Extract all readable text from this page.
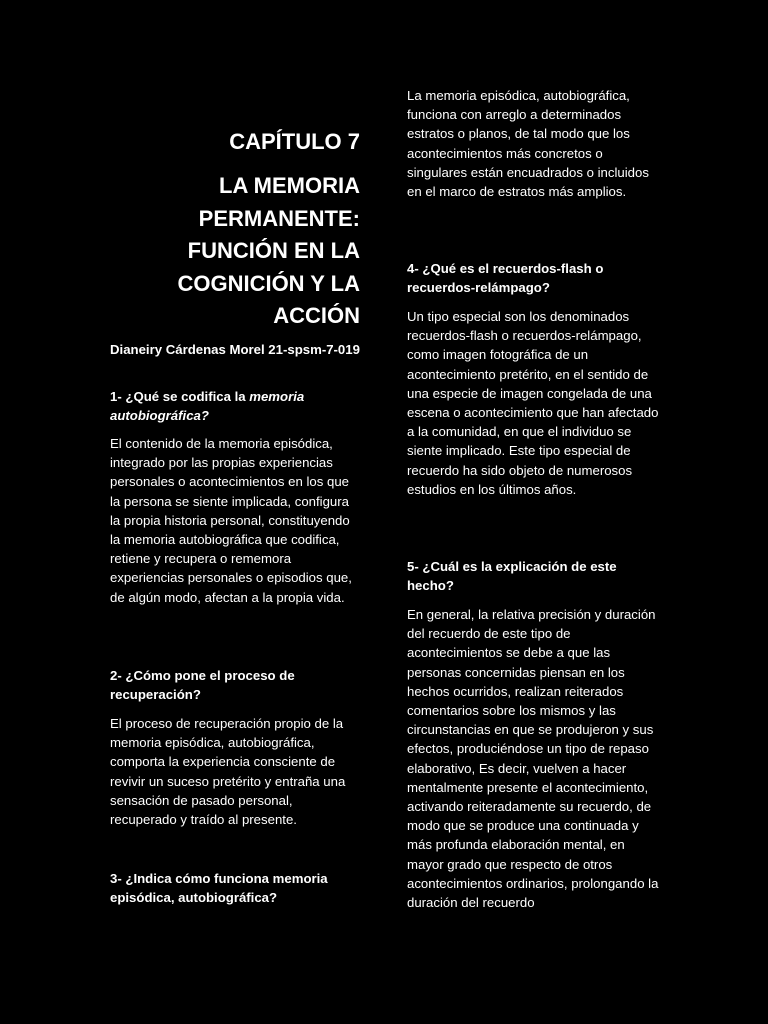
CAPÍTULO 7
LA MEMORIA PERMANENTE: FUNCIÓN EN LA COGNICIÓN Y LA ACCIÓN

Dianeiry Cárdenas Morel 21-spsm-7-019

1- ¿Qué se codifica la memoria autobiográfica?

El contenido de la memoria episódica, integrado por las propias experiencias personales o acontecimientos en los que la persona se siente implicada, configura la propia historia personal, constituyendo la memoria autobiográfica que codifica, retiene y recupera o rememora experiencias personales o episodios que, de algún modo, afectan a la propia vida.

2- ¿Cómo pone el proceso de recuperación?

El proceso de recuperación propio de la memoria episódica, autobiográfica, comporta la experiencia consciente de revivir un suceso pretérito y entraña una sensación de pasado personal, recuperado y traído al presente.

3- ¿Indica cómo funciona memoria episódica, autobiográfica?

La memoria episódica, autobiográfica, funciona con arreglo a determinados estratos o planos, de tal modo que los acontecimientos más concretos o singulares están encuadrados o incluidos en el marco de estratos más amplios.

4- ¿Qué es el recuerdos-flash o recuerdos-relámpago?

Un tipo especial son los denominados recuerdos-flash o recuerdos-relámpago, como imagen fotográfica de un acontecimiento pretérito, en el sentido de una especie de imagen congelada de una escena o acontecimiento que han afectado a la comunidad, en que el individuo se siente implicado. Este tipo especial de recuerdo ha sido objeto de numerosos estudios en los últimos años.

5- ¿Cuál es la explicación de este hecho?

En general, la relativa precisión y duración del recuerdo de este tipo de acontecimientos se debe a que las personas concernidas piensan en los hechos ocurridos, realizan reiterados comentarios sobre los mismos y las circunstancias en que se produjeron y sus efectos, produciéndose un tipo de repaso elaborativo, Es decir, vuelven a hacer mentalmente presente el acontecimiento, activando reiteradamente su recuerdo, de modo que se produce una continuada y más profunda elaboración mental, en mayor grado que respecto de otros acontecimientos ordinarios, prolongando la duración del recuerdo
